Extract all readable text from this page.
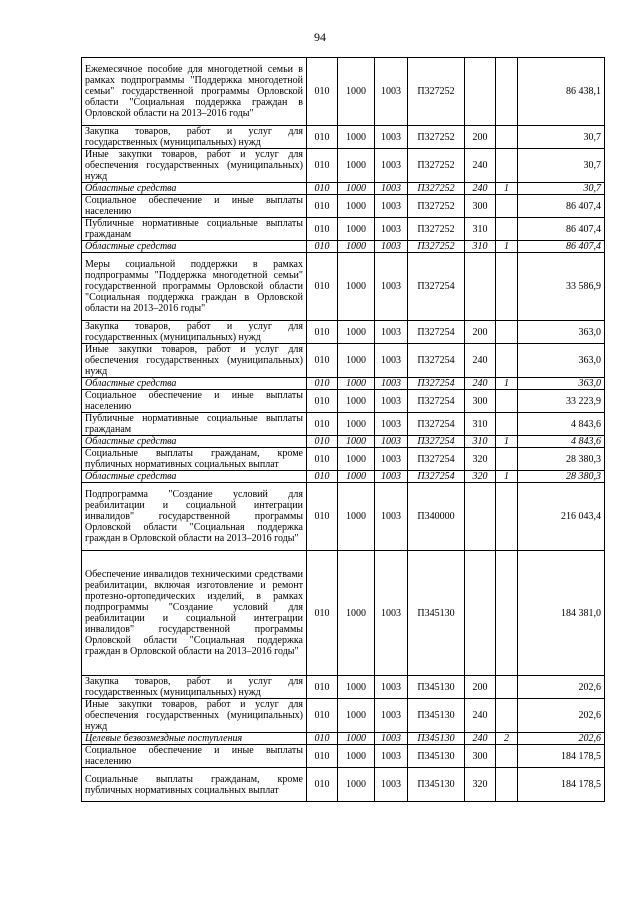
94
Ежемесячное пособие для многодетной семьи в рамках подпрограммы "Поддержка многодетной семьи" государственной программы Орловской области "Социальная поддержка граждан в Орловской области на 2013–2016 годы"	010	1000	1003	П327252			86 438,1
Закупка товаров, работ и услуг для государственных (муниципальных) нужд	010	1000	1003	П327252	200		30,7
Иные закупки товаров, работ и услуг для обеспечения государственных (муниципальных) нужд	010	1000	1003	П327252	240		30,7
Областные средства	010	1000	1003	П327252	240	1	30,7
Социальное обеспечение и иные выплаты населению	010	1000	1003	П327252	300		86 407,4
Публичные нормативные социальные выплаты гражданам	010	1000	1003	П327252	310		86 407,4
Областные средства	010	1000	1003	П327252	310	1	86 407,4
Меры социальной поддержки в рамках подпрограммы "Поддержка многодетной семьи" государственной программы Орловской области "Социальная поддержка граждан в Орловской области на 2013–2016 годы"	010	1000	1003	П327254			33 586,9
Закупка товаров, работ и услуг для государственных (муниципальных) нужд	010	1000	1003	П327254	200		363,0
Иные закупки товаров, работ и услуг для обеспечения государственных (муниципальных) нужд	010	1000	1003	П327254	240		363,0
Областные средства	010	1000	1003	П327254	240	1	363,0
Социальное обеспечение и иные выплаты населению	010	1000	1003	П327254	300		33 223,9
Публичные нормативные социальные выплаты гражданам	010	1000	1003	П327254	310		4 843,6
Областные средства	010	1000	1003	П327254	310	1	4 843,6
Социальные выплаты гражданам, кроме публичных нормативных социальных выплат	010	1000	1003	П327254	320		28 380,3
Областные средства	010	1000	1003	П327254	320	1	28 380,3
Подпрограмма "Создание условий для реабилитации и социальной интеграции инвалидов" государственной программы Орловской области "Социальная поддержка граждан в Орловской области на 2013–2016 годы"	010	1000	1003	П340000			216 043,4
Обеспечение инвалидов техническими средствами реабилитации, включая изготовление и ремонт протезно-ортопедических изделий, в рамках подпрограммы "Создание условий для реабилитации и социальной интеграции инвалидов" государственной программы Орловской области "Социальная поддержка граждан в Орловской области на 2013–2016 годы"	010	1000	1003	П345130			184 381,0
Закупка товаров, работ и услуг для государственных (муниципальных) нужд	010	1000	1003	П345130	200		202,6
Иные закупки товаров, работ и услуг для обеспечения государственных (муниципальных) нужд	010	1000	1003	П345130	240		202,6
Целевые безвозмездные поступления	010	1000	1003	П345130	240	2	202,6
Социальное обеспечение и иные выплаты населению	010	1000	1003	П345130	300		184 178,5
Социальные выплаты гражданам, кроме публичных нормативных социальных выплат	010	1000	1003	П345130	320		184 178,5
